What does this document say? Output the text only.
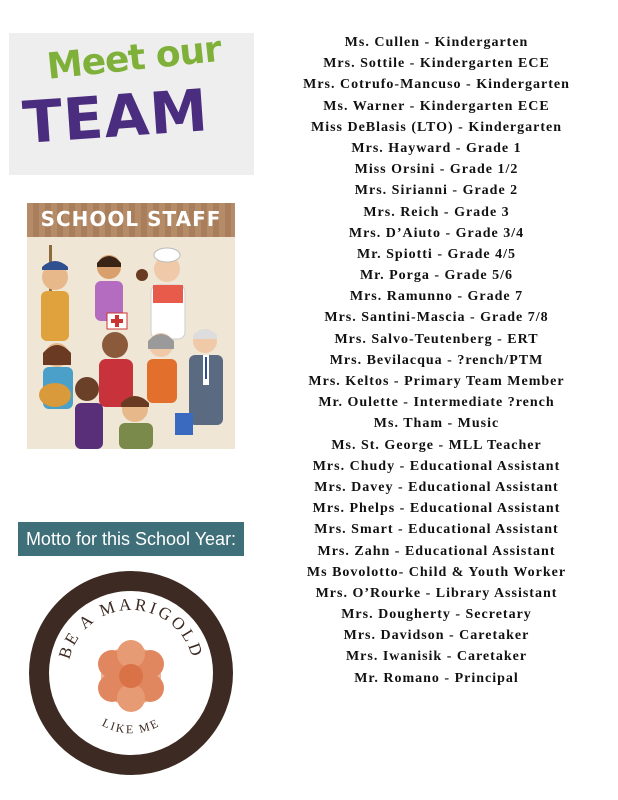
Meet our
TEAM
SCHOOL STAFF
Motto for this School Year:
BE A MARIGOLD
LIKE ME
Ms. Cullen - Kindergarten
Mrs. Sottile - Kindergarten ECE
Mrs. Cotrufo-Mancuso - Kindergarten
Ms. Warner - Kindergarten ECE
Miss DeBlasis (LTO) - Kindergarten
Mrs. Hayward - Grade 1
Miss Orsini - Grade 1/2
Mrs. Sirianni - Grade 2
Mrs. Reich - Grade 3
Mrs. D’Aiuto - Grade 3/4
Mr. Spiotti - Grade 4/5
Mr. Porga - Grade 5/6
Mrs. Ramunno - Grade 7
Mrs. Santini-Mascia - Grade 7/8
Mrs. Salvo-Teutenberg - ERT
Mrs. Bevilacqua - ?rench/PTM
Mrs. Keltos - Primary Team Member
Mr. Oulette - Intermediate ?rench
Ms. Tham - Music
Ms. St. George - MLL Teacher
Mrs. Chudy - Educational Assistant
Mrs. Davey - Educational Assistant
Mrs. Phelps - Educational Assistant
Mrs. Smart - Educational Assistant
Mrs. Zahn - Educational Assistant
Ms Bovolotto- Child & Youth Worker
Mrs. O’Rourke - Library Assistant
Mrs. Dougherty - Secretary
Mrs. Davidson - Caretaker
Mrs. Iwanisik - Caretaker
Mr. Romano - Principal
